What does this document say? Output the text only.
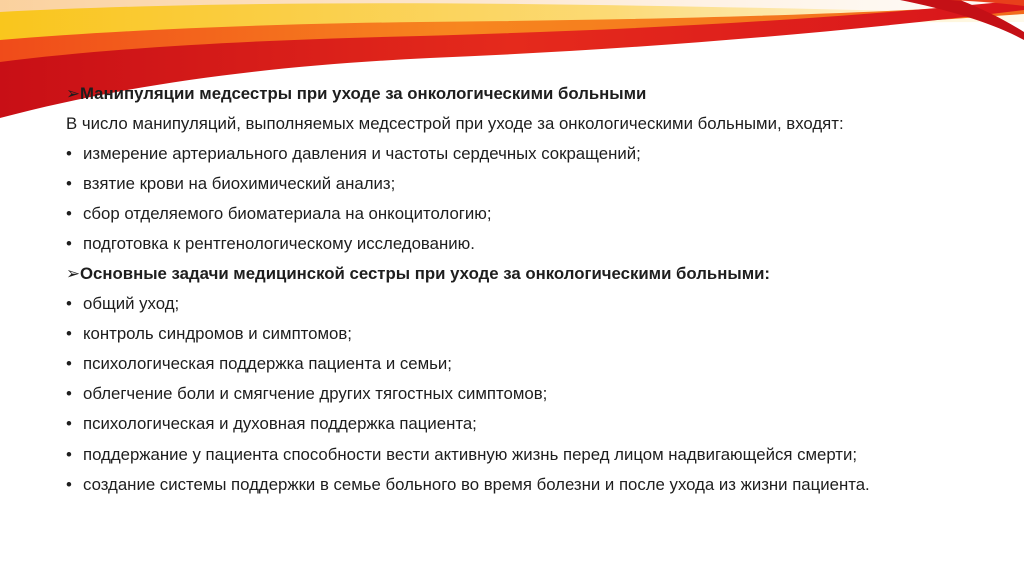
➢ Манипуляции медсестры при уходе за онкологическими больными

В число манипуляций, выполняемых медсестрой при уходе за онкологическими больными, входят:

• измерение артериального давления и частоты сердечных сокращений;

• взятие крови на биохимический анализ;

• сбор отделяемого биоматериала на онкоцитологию;

• подготовка к рентгенологическому исследованию.

➢ Основные задачи медицинской сестры при уходе за онкологическими больными:

• общий уход;

• контроль синдромов и симптомов;

• психологическая поддержка пациента и семьи;

• облегчение боли и смягчение других тягостных симптомов;

• психологическая и духовная поддержка пациента;

• поддержание у пациента способности вести активную жизнь перед лицом надвигающейся смерти;

• создание системы поддержки в семье больного во время болезни и после ухода из жизни пациента.
